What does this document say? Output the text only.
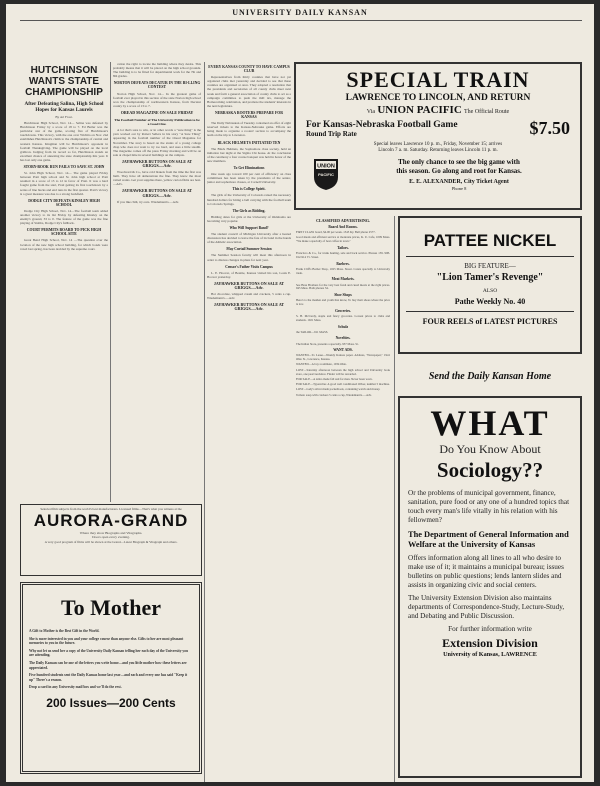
UNIVERSITY DAILY KANSAN
HUTCHINSON WANTS STATE CHAMPIONSHIP
After Defeating Salina, High School Hopes for Kansas Laurels
By Art Frost.

Hutchinson High School, Nov. 14— Salina was defeated by Hutchinson Friday by a score of 18 to 7. Ed Butler was the particular star of the game, scoring five of Hutchinson's touchdowns. This victory, with the one over Wichita on Nov. 2nd establishes Hutchinson's claim to the championship of central and western Kansas. Kingman will be Hutchinson's opponent in football Thanksgiving. The game will be played on the local gridiron. Judging from its record so far, Hutchinson stands an excellent chance of annexing the state championship this year. It has lost only one game.

STORY-BOOK RUN FAILS TO SAVE ST. JOHN

St. John High School, Nov. 14— The game played Friday between Pratt high school and St. John high school at Pratt resulted in a score of 13 to 12 in favor of Pratt. It was a hard fought game from the start, Pratt getting its first touchdown by a series of line bucks and end runs in the first quarter. Pratt's victory is a great measure was due to a strong backfield.

DODGE CITY DEFEATS KINSLEY HIGH SCHOOL

Dodge City High School, Nov. 14—The football team added another victory to its list Friday by defeating Kinsley on the enemy's ground, 33 to 0. The feature of the game was the fine playing of Stubbs, Dodge City's fullback.

COURT PERMITS BOARD TO PICK HIGH SCHOOL SITE

Great Bend High School, Nov. 14 —The question over the location of the new high school building, for which bonds were voted last spring, has been decided by the supreme court.

cation the right to locate the building where they desire. This probably means that it will be placed on the high school grounds. The building is to be fitted for departmental work for the 7th and 8th grades.

NORTON DEFEATS DECATUR IN THE BI-LLING CONTEST

Norton High School, Nov. 14— In the greatest game of football ever played in this section of the state Norton high school won the championship of northwestern Kansas, from Decatur county by a score of 13 to 7.

OREAD MAGAZINE ON SALE FRIDAY
The Football Number of The University Publication to be a Good One.

A lot that's sure to win, or in other words a "sure thing" is the yarn worked out by Robert Sellers in his story "A Sure Thing" appearing in the football number of the Oread Magazine for November. The story is based on the stunts of a young college chap who does not want to try too hard, and uses a little stealth. The magazine comes off the press Friday morning and will be on sale at chapel time in several buildings on the campus.

JAYHAWKER BUTTONS ON SALE AT GRIGGS.—Adv.

Woodward & Co., have cold biskets from the time the first was built. They have all demonstrate the fine. They know the most vaited wants. Get your supplies there, yellow carton films are best.—Adv.

JAYHAWKER BUTTONS ON SALE AT GRIGGS.—Adv.

If you like chili, try ours. Wiedemann's.—Adv.

EVERY KANSAS COUNTY TO HAVE CAMPUS CLUB

Representatives from thirty counties that have not yet organized clubs met yesterday and decided to see that these counties are organized at once. They adopted a resolution that the presidents and secretaries of all county clubs meet next week and form a general association of county clubs to act as a campaign committee to push the mill tax, manage the Homecoming celebration, and promote the students' interests in the next legislature.

NEBRASKA ROOTERS PREPARE FOR KANSAS

The Daily Nebraskan of Tuesday contained an offer of eight reserved tickets to the Kansas-Nebraska game. Efforts are being made to organize a rooters' section to accompany the team on the trip to Lawrence.

BLACK HELMETS INITIATED TEN

The Black Helmets, the Sophomore class society, held an initiation last night at the Sigma Chi house. At the conclusion of the ceremony a four course banquet was held in honor of the new members.

To Get Eliminations

One week ago toward 100 per cent of efficiency on class committees has been taken by the presidents of the senior, junior and sophomore classes, at Cornell University.

This is College Spirit.

The girls of the University of Colorado raised the necessary hundred dollars for hiring a bell carrying with the football team to Colorado Springs.

The Girls as Bidding.

Bidding dates for girls at the University of Oklahoma are becoming very popular.

Who Will Support Band?

The student council of Michigan University after a heated discussion has decided to leave the fate of its band in the hands of the Athletic association.

May Curtail Summer Session

The Summer Session faculty will meet this afternoon in order to discuss changes in plans for next year.

Censor's Father Visits Campus

L. E. Hoover, of Beattie, Kansas visited his son, Louis E. Hoover yesterday.

JAYHAWKER BUTTONS ON SALE AT GRIGGS.—Adv.

Hot chocolate, whipped cream and crackers, 5 cents a cup. Wiedemann's.—Adv.

JAYHAWKER BUTTONS ON SALE AT GRIGGS.—Adv.
Selected film subjects from the world's best manufacturers. Licensed films—That's what you witness at the
AURORA-GRAND
Where they show Biographs and Vitagraphs.
Doors open every evening.
A very good program of films will be shown at the Grand—Latest Biograph & Vitagraph and others.
To Mother
A Gift to Mother is the Best Gift in the World.
She is more interested in you and your college course than anyone else. Gifts to her are most pleasant memories to you in the future.
Why not let us send her a copy of the University Daily Kansan telling her each day of the University you are attending.
The Daily Kansan can be one of the letters you write home—and you little mother how these letters are appreciated.
Five hundred students sent the Daily Kansas home last year—and each and every one has said "Keep it up" There's a reason.
Drop a card in any University mail box and we'll do the rest.
200 Issues—200 Cents
SPECIAL TRAIN
LAWRENCE TO LINCOLN, AND RETURN
Via UNION PACIFIC The Official Route
For Kansas-Nebraska Football Game
Round Trip Rate	$7.50
Special leaves Lawrence 10 p. m., Friday, November 15; arrives
Lincoln 7 a. m. Saturday. Returning leaves Lincoln 11 p. m.
UNION
PACIFIC
The only chance to see the big game with
this season. Go along and root for Kansas.
E. E. ALEXANDER, City Ticket Agent
Phone 8
CLASSIFIED ADVERTISING.
Board And Rooms.
FIRST CLASS board, $4.00 per week. 1345 Ky. Bell phone 2577.
Good meals and efficient service at moderate prices, K. U. Cafe, 1009 Mass. "We make a specialty of best coffee in town."
Tailors.
Francisco & Co., for trunk hauling, sale and back service. Phones 159. 908-912-914 Vt. Street.
Barbers.
Frank Cliff's Barber Shop, 1025 Mass. Street. Caters specially to University trade.
Meat Markets.
See Hess Brothers for the very best fresh and cured meats at the right prices. 945 Mass. Both phones 34.
Shoe Shops
Here's to the maiden and youth that know, To buy their shoes where the price is low.
Groceries.
S. H. McCurdy, staple and fancy groceries. Lowest prices to clubs and students. 1021 Mass.
Schulz
the TAILOR—911 MASS.
Novelties.
The Indian Store, presents a specialty. 937 Mass. St.
WANT ADS.
WANTED—To Lease—Weekly Kansas paper. Address, "Newspaper," 1941 Ohio St., Lawrence, Kansas.
WANTED—A boy roommate, 1034 Ohio.
LOST—Saturday afternoon between the high school and University book store, one pearl necklace. Finder will be rewarded.
FOR SALE—A tailor-made fall suit for men. Never been worn.
FOR SALE—Typewriter. A good well conditioned Oliver, number 5 machine.
LOST—Lady's silver mesh pocketbook, containing watch and money.
Tomato soup with crackers 5 cents a cup, Wiedemann's.—Adv.
PATTEE NICKEL
BIG FEATURE—
"Lion Tamer's Revenge"
ALSO
Pathe Weekly No. 40
FOUR REELS of LATEST PICTURES
Send the Daily Kansan Home
WHAT
Do You Know About
Sociology??
Or the problems of municipal government, finance, sanitation, pure food or any one of a hundred topics that touch every man's life vitally in his relation with his fellowmen?
The Department of General Information and Welfare at the University of Kansas
Offers information along all lines to all who desire to make use of it; it maintains a municipal bureau; issues bulletins on public questions; lends lantern slides and assists in organizing civic and social centers.
The University Extension Division also maintains departments of Correspondence-Study, Lecture-Study, and Debating and Public Discussion.
For further information write
Extension Division
University of Kansas, LAWRENCE
